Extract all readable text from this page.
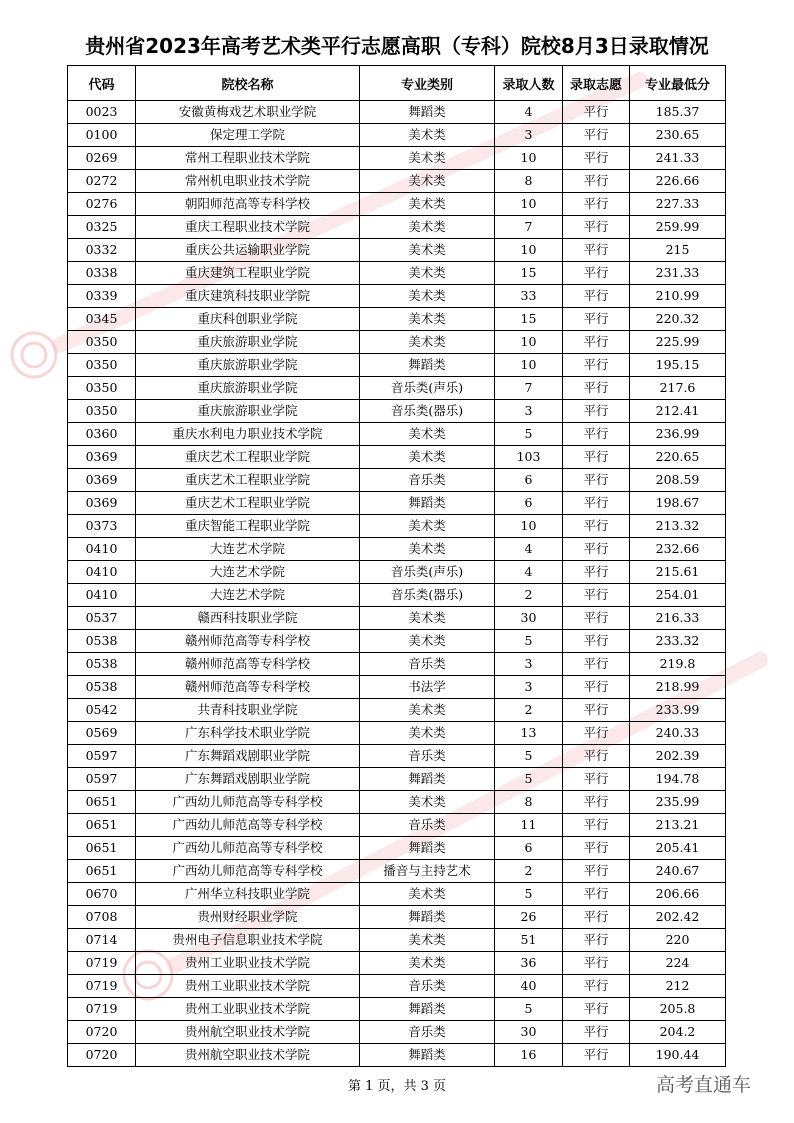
贵州省2023年高考艺术类平行志愿高职（专科）院校8月3日录取情况
代码	院校名称	专业类别	录取人数	录取志愿	专业最低分
0023	安徽黄梅戏艺术职业学院	舞蹈类	4	平行	185.37
0100	保定理工学院	美术类	3	平行	230.65
0269	常州工程职业技术学院	美术类	10	平行	241.33
0272	常州机电职业技术学院	美术类	8	平行	226.66
0276	朝阳师范高等专科学校	美术类	10	平行	227.33
0325	重庆工程职业技术学院	美术类	7	平行	259.99
0332	重庆公共运输职业学院	美术类	10	平行	215
0338	重庆建筑工程职业学院	美术类	15	平行	231.33
0339	重庆建筑科技职业学院	美术类	33	平行	210.99
0345	重庆科创职业学院	美术类	15	平行	220.32
0350	重庆旅游职业学院	美术类	10	平行	225.99
0350	重庆旅游职业学院	舞蹈类	10	平行	195.15
0350	重庆旅游职业学院	音乐类(声乐)	7	平行	217.6
0350	重庆旅游职业学院	音乐类(器乐)	3	平行	212.41
0360	重庆水利电力职业技术学院	美术类	5	平行	236.99
0369	重庆艺术工程职业学院	美术类	103	平行	220.65
0369	重庆艺术工程职业学院	音乐类	6	平行	208.59
0369	重庆艺术工程职业学院	舞蹈类	6	平行	198.67
0373	重庆智能工程职业学院	美术类	10	平行	213.32
0410	大连艺术学院	美术类	4	平行	232.66
0410	大连艺术学院	音乐类(声乐)	4	平行	215.61
0410	大连艺术学院	音乐类(器乐)	2	平行	254.01
0537	赣西科技职业学院	美术类	30	平行	216.33
0538	赣州师范高等专科学校	美术类	5	平行	233.32
0538	赣州师范高等专科学校	音乐类	3	平行	219.8
0538	赣州师范高等专科学校	书法学	3	平行	218.99
0542	共青科技职业学院	美术类	2	平行	233.99
0569	广东科学技术职业学院	美术类	13	平行	240.33
0597	广东舞蹈戏剧职业学院	音乐类	5	平行	202.39
0597	广东舞蹈戏剧职业学院	舞蹈类	5	平行	194.78
0651	广西幼儿师范高等专科学校	美术类	8	平行	235.99
0651	广西幼儿师范高等专科学校	音乐类	11	平行	213.21
0651	广西幼儿师范高等专科学校	舞蹈类	6	平行	205.41
0651	广西幼儿师范高等专科学校	播音与主持艺术	2	平行	240.67
0670	广州华立科技职业学院	美术类	5	平行	206.66
0708	贵州财经职业学院	舞蹈类	26	平行	202.42
0714	贵州电子信息职业技术学院	美术类	51	平行	220
0719	贵州工业职业技术学院	美术类	36	平行	224
0719	贵州工业职业技术学院	音乐类	40	平行	212
0719	贵州工业职业技术学院	舞蹈类	5	平行	205.8
0720	贵州航空职业技术学院	音乐类	30	平行	204.2
0720	贵州航空职业技术学院	舞蹈类	16	平行	190.44
第 1 页，共 3 页	高考直通车
